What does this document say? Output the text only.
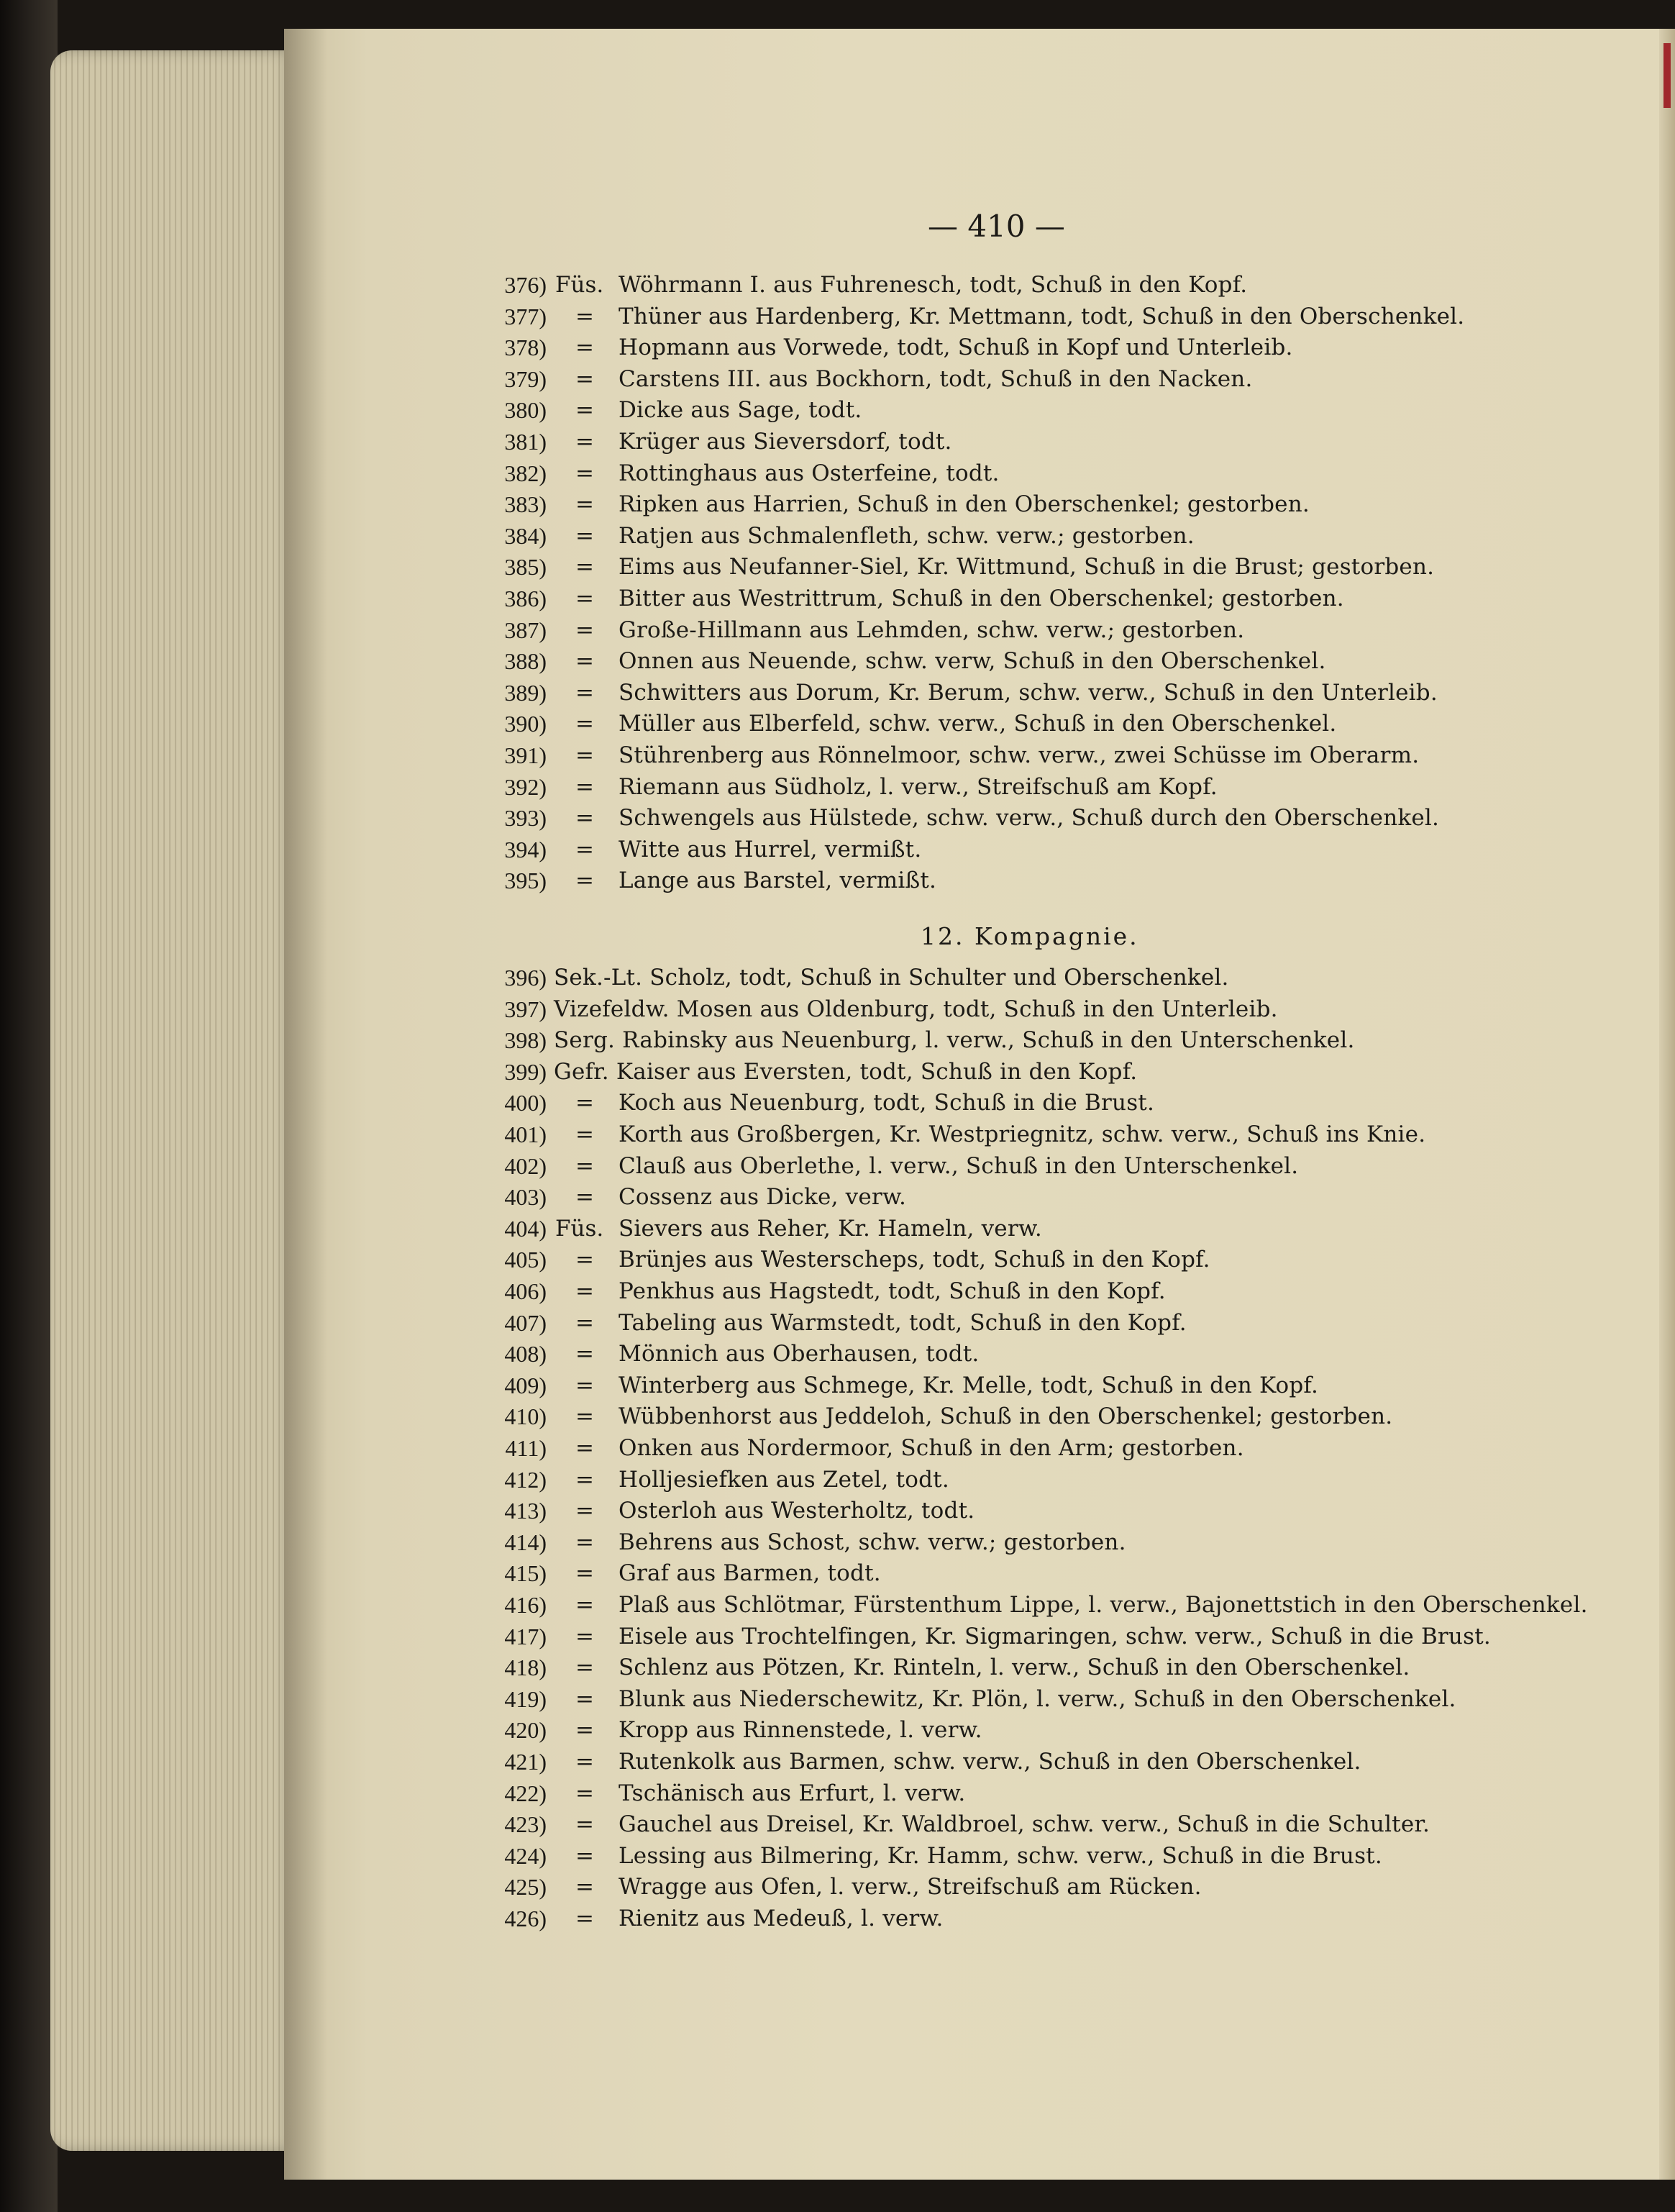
— 410 —
376) Füs. Wöhrmann I. aus Fuhrenesch, todt, Schuß in den Kopf.
377) =	Thüner aus Hardenberg, Kr. Mettmann, todt, Schuß in den Oberschenkel.
378) =	Hopmann aus Vorwede, todt, Schuß in Kopf und Unterleib.
379) =	Carstens III. aus Bockhorn, todt, Schuß in den Nacken.
380) =	Dicke aus Sage, todt.
381) =	Krüger aus Sieversdorf, todt.
382) =	Rottinghaus aus Osterfeine, todt.
383) =	Ripken aus Harrien, Schuß in den Oberschenkel; gestorben.
384) =	Ratjen aus Schmalenfleth, schw. verw.; gestorben.
385) =	Eims aus Neufanner-Siel, Kr. Wittmund, Schuß in die Brust; gestorben.
386) =	Bitter aus Westrittrum, Schuß in den Oberschenkel; gestorben.
387) =	Große-Hillmann aus Lehmden, schw. verw.; gestorben.
388) =	Onnen aus Neuende, schw. verw, Schuß in den Oberschenkel.
389) =	Schwitters aus Dorum, Kr. Berum, schw. verw., Schuß in den Unterleib.
390) =	Müller aus Elberfeld, schw. verw., Schuß in den Oberschenkel.
391) =	Stührenberg aus Rönnelmoor, schw. verw., zwei Schüsse im Oberarm.
392) =	Riemann aus Südholz, l. verw., Streifschuß am Kopf.
393) =	Schwengels aus Hülstede, schw. verw., Schuß durch den Oberschenkel.
394) =	Witte aus Hurrel, vermißt.
395) =	Lange aus Barstel, vermißt.
12. Kompagnie.
396) Sek.-Lt. Scholz, todt, Schuß in Schulter und Oberschenkel.
397) Vizefeldw. Mosen aus Oldenburg, todt, Schuß in den Unterleib.
398) Serg. Rabinsky aus Neuenburg, l. verw., Schuß in den Unterschenkel.
399) Gefr. Kaiser aus Eversten, todt, Schuß in den Kopf.
400) =	Koch aus Neuenburg, todt, Schuß in die Brust.
401) =	Korth aus Großbergen, Kr. Westpriegnitz, schw. verw., Schuß ins Knie.
402) =	Clauß aus Oberlethe, l. verw., Schuß in den Unterschenkel.
403) =	Cossenz aus Dicke, verw.
404) Füs. Sievers aus Reher, Kr. Hameln, verw.
405) =	Brünjes aus Westerscheps, todt, Schuß in den Kopf.
406) =	Penkhus aus Hagstedt, todt, Schuß in den Kopf.
407) =	Tabeling aus Warmstedt, todt, Schuß in den Kopf.
408) =	Mönnich aus Oberhausen, todt.
409) =	Winterberg aus Schmege, Kr. Melle, todt, Schuß in den Kopf.
410) =	Wübbenhorst aus Jeddeloh, Schuß in den Oberschenkel; gestorben.
411) =	Onken aus Nordermoor, Schuß in den Arm; gestorben.
412) =	Holljesiefken aus Zetel, todt.
413) =	Osterloh aus Westerholtz, todt.
414) =	Behrens aus Schost, schw. verw.; gestorben.
415) =	Graf aus Barmen, todt.
416) =	Plaß aus Schlötmar, Fürstenthum Lippe, l. verw., Bajonettstich in den Oberschenkel.
417) =	Eisele aus Trochtelfingen, Kr. Sigmaringen, schw. verw., Schuß in die Brust.
418) =	Schlenz aus Pötzen, Kr. Rinteln, l. verw., Schuß in den Oberschenkel.
419) =	Blunk aus Niederschewitz, Kr. Plön, l. verw., Schuß in den Oberschenkel.
420) =	Kropp aus Rinnenstede, l. verw.
421) =	Rutenkolk aus Barmen, schw. verw., Schuß in den Oberschenkel.
422) =	Tschänisch aus Erfurt, l. verw.
423) =	Gauchel aus Dreisel, Kr. Waldbroel, schw. verw., Schuß in die Schulter.
424) =	Lessing aus Bilmering, Kr. Hamm, schw. verw., Schuß in die Brust.
425) =	Wragge aus Ofen, l. verw., Streifschuß am Rücken.
426) =	Rienitz aus Medeuß, l. verw.
